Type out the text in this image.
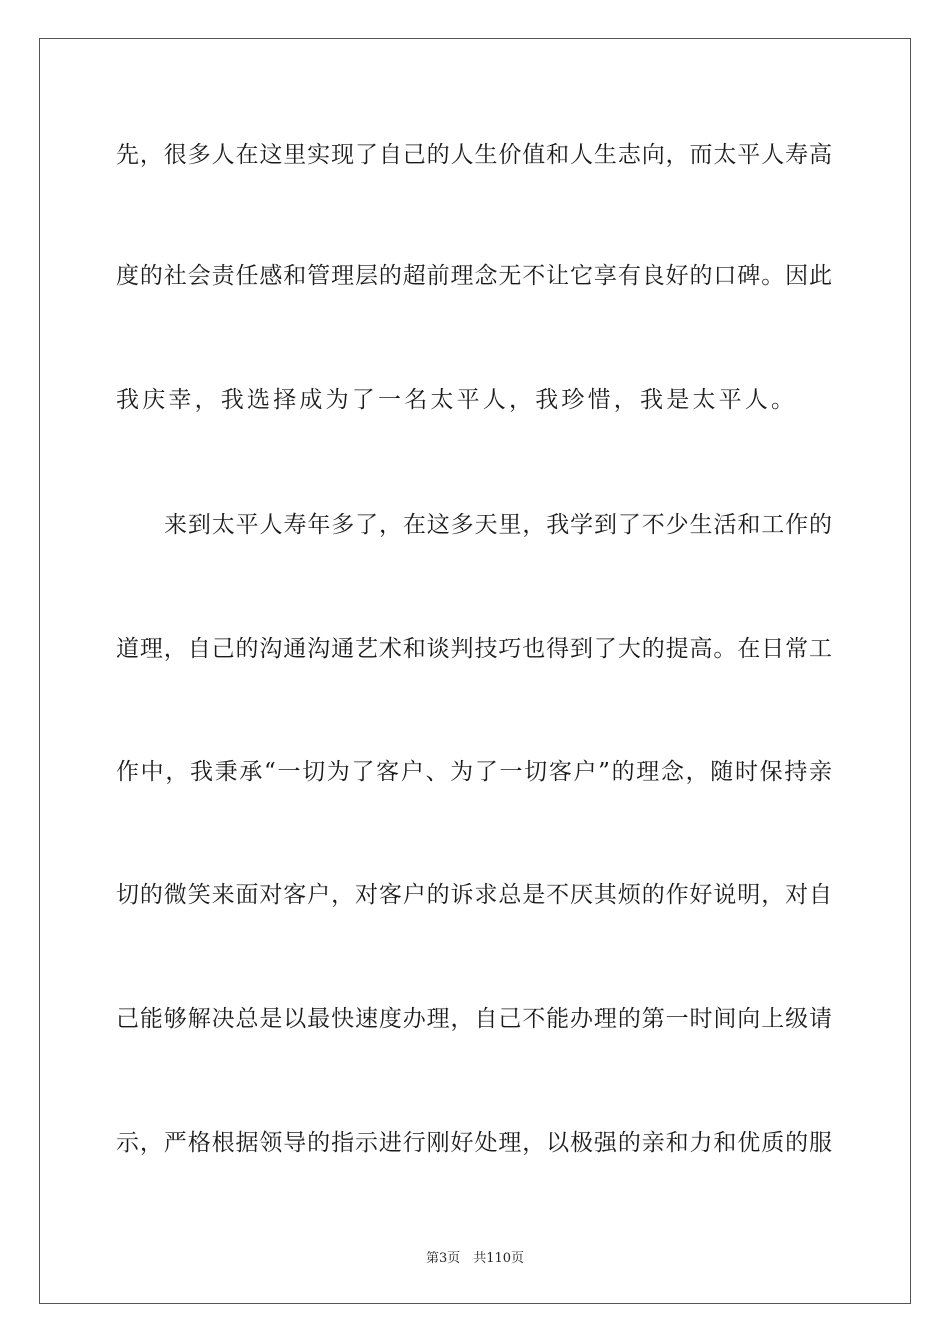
先，很多人在这里实现了自己的人生价值和人生志向，而太平人寿高
度的社会责任感和管理层的超前理念无不让它享有良好的口碑。因此
我庆幸，我选择成为了一名太平人，我珍惜，我是太平人。
来到太平人寿年多了，在这多天里，我学到了不少生活和工作的
道理，自己的沟通沟通艺术和谈判技巧也得到了大的提高。在日常工
作中，我秉承“一切为了客户、为了一切客户”的理念，随时保持亲
切的微笑来面对客户，对客户的诉求总是不厌其烦的作好说明，对自
己能够解决总是以最快速度办理，自己不能办理的第一时间向上级请
示，严格根据领导的指示进行刚好处理，以极强的亲和力和优质的服
第3页　共110页
